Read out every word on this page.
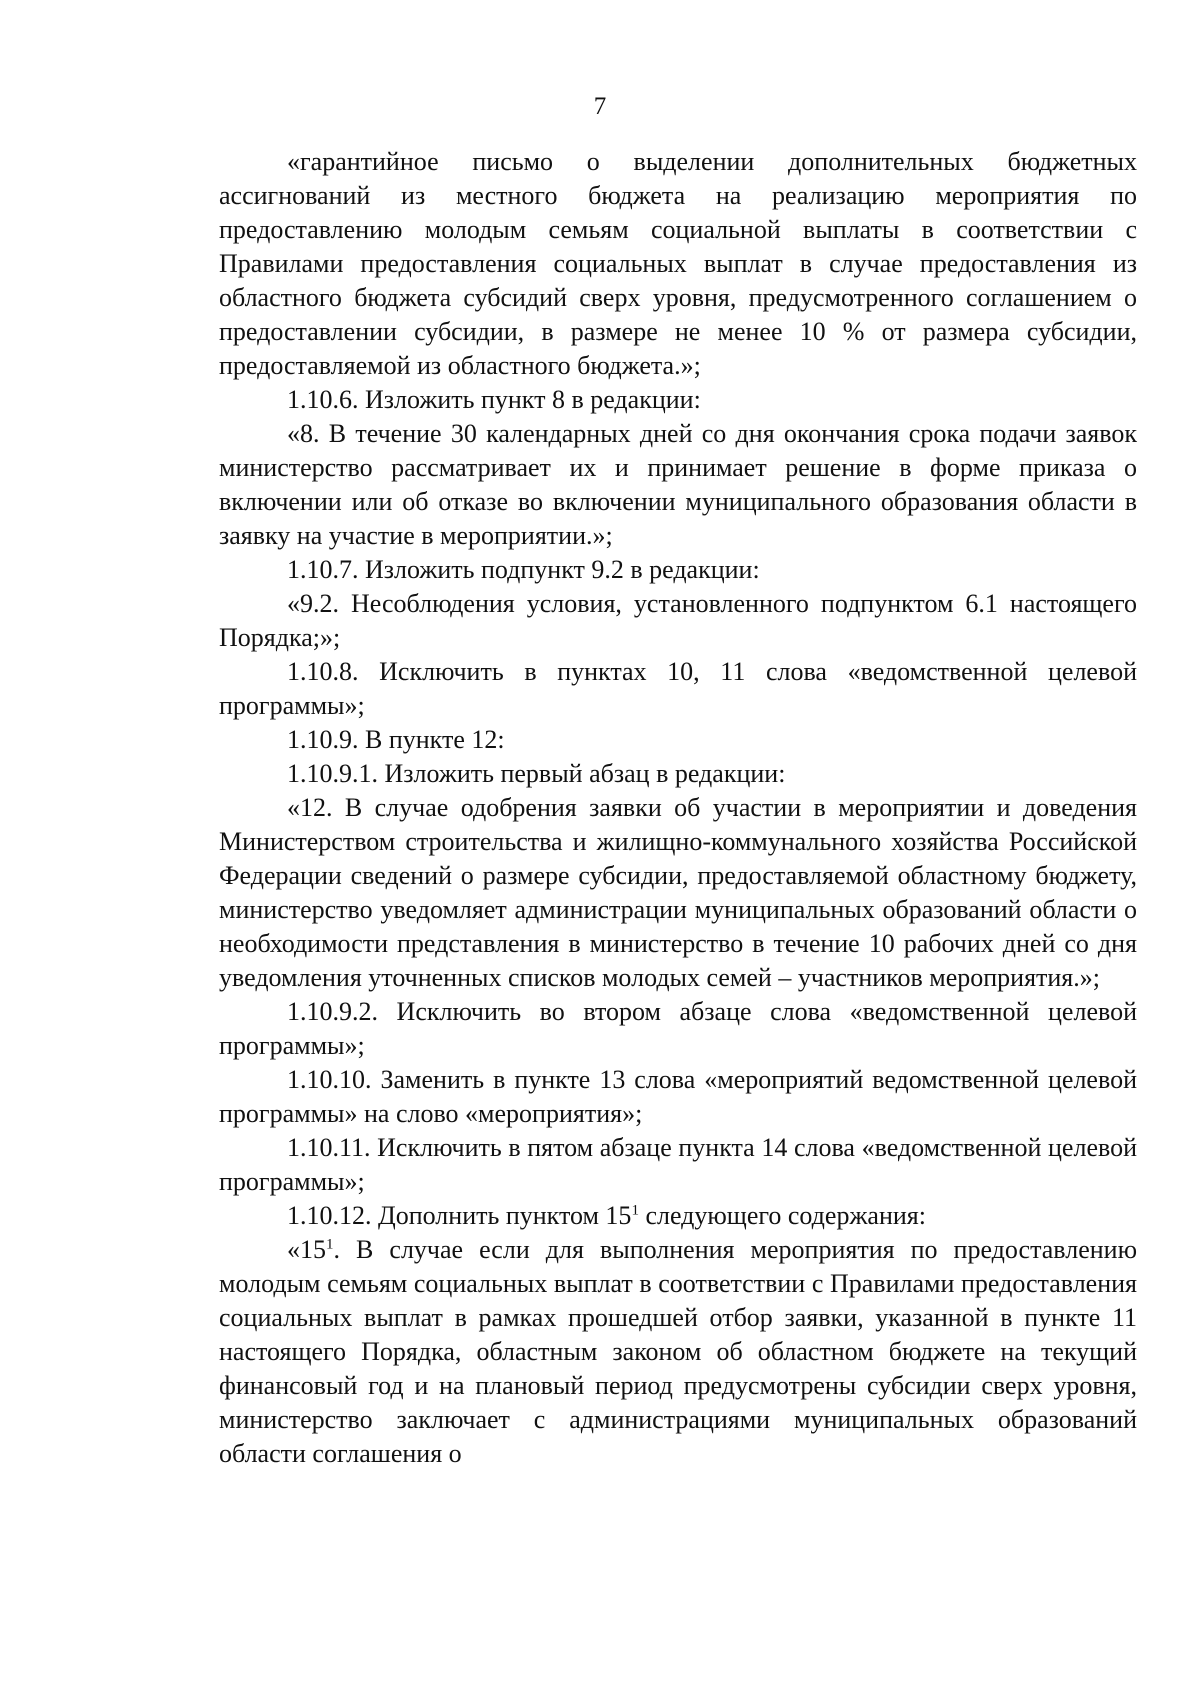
7

«гарантийное письмо о выделении дополнительных бюджетных ассигнований из местного бюджета на реализацию мероприятия по предоставлению молодым семьям социальной выплаты в соответствии с Правилами предоставления социальных выплат в случае предоставления из областного бюджета субсидий сверх уровня, предусмотренного соглашением о предоставлении субсидии, в размере не менее 10 % от размера субсидии, предоставляемой из областного бюджета.»;

1.10.6. Изложить пункт 8 в редакции:

«8. В течение 30 календарных дней со дня окончания срока подачи заявок министерство рассматривает их и принимает решение в форме приказа о включении или об отказе во включении муниципального образования области в заявку на участие в мероприятии.»;

1.10.7. Изложить подпункт 9.2 в редакции:

«9.2. Несоблюдения условия, установленного подпунктом 6.1 настоящего Порядка;»;

1.10.8. Исключить в пунктах 10, 11 слова «ведомственной целевой программы»;

1.10.9. В пункте 12:

1.10.9.1. Изложить первый абзац в редакции:

«12. В случае одобрения заявки об участии в мероприятии и доведения Министерством строительства и жилищно-коммунального хозяйства Российской Федерации сведений о размере субсидии, предоставляемой областному бюджету, министерство уведомляет администрации муниципальных образований области о необходимости представления в министерство в течение 10 рабочих дней со дня уведомления уточненных списков молодых семей – участников мероприятия.»;

1.10.9.2. Исключить во втором абзаце слова «ведомственной целевой программы»;

1.10.10. Заменить в пункте 13 слова «мероприятий ведомственной целевой программы» на слово «мероприятия»;

1.10.11. Исключить в пятом абзаце пункта 14 слова «ведомственной целевой программы»;

1.10.12. Дополнить пунктом $15^1$ следующего содержания:

«$15^1$. В случае если для выполнения мероприятия по предоставлению молодым семьям социальных выплат в соответствии с Правилами предоставления социальных выплат в рамках прошедшей отбор заявки, указанной в пункте 11 настоящего Порядка, областным законом об областном бюджете на текущий финансовый год и на плановый период предусмотрены субсидии сверх уровня, министерство заключает с администрациями муниципальных образований области соглашения о
